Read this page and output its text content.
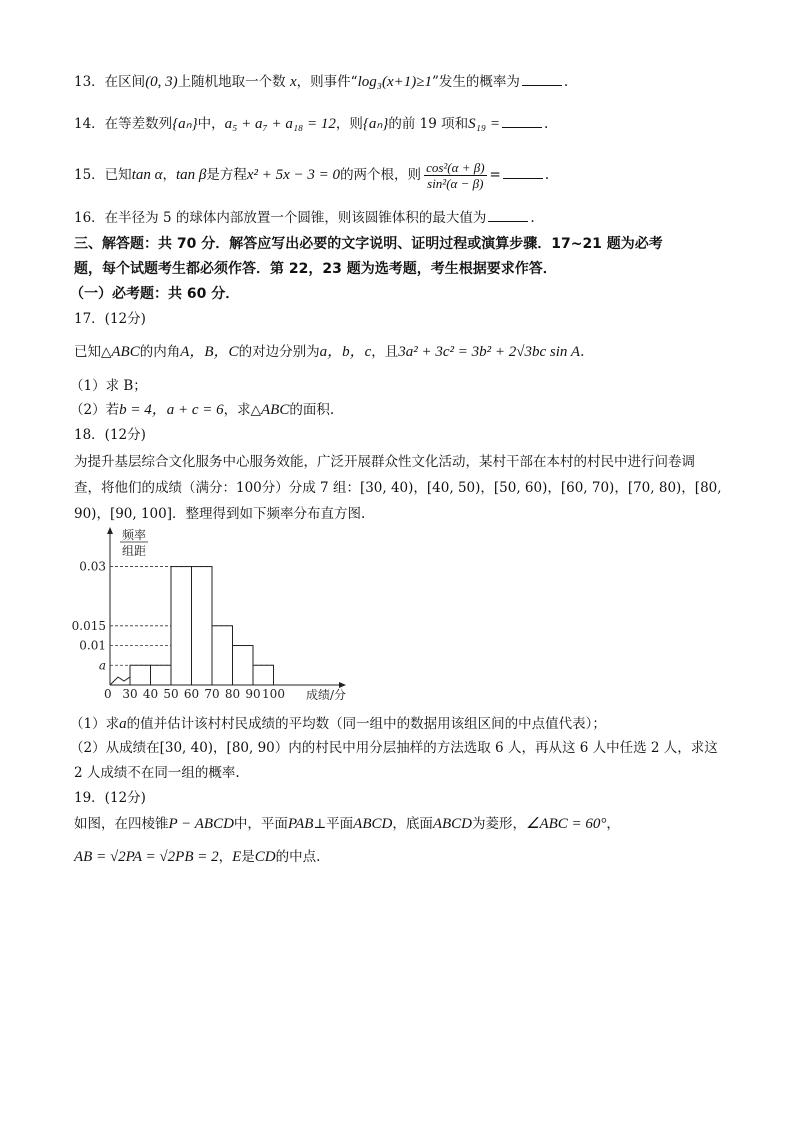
13．在区间(0, 3)上随机地取一个数 x，则事件“log₃(x+1)≥1”发生的概率为	.
14．在等差数列{aₙ}中，a₅ + a₇ + a₁₈ = 12，则{aₙ}的前 19 项和S₁₉ =	.
15．已知tan α，tan β是方程x² + 5x − 3 = 0的两个根，则 $\frac{\text{cos²(α + β)}}{\text{sin²(α − β)}}$ =	.
16．在半径为 5 的球体内部放置一个圆锥，则该圆锥体积的最大值为	.
三、解答题：共 70 分．解答应写出必要的文字说明、证明过程或演算步骤．17~21 题为必考
题，每个试题考生都必须作答．第 22，23 题为选考题，考生根据要求作答．
（一）必考题：共 60 分．
17．(12分)
已知△ABC的内角A，B，C的对边分别为a，b，c，且3a² + 3c² = 3b² + 2√3bc sin A.
（1）求 B；
（2）若b = 4，a + c = 6，求△ABC的面积.
18．(12分)
为提升基层综合文化服务中心服务效能，广泛开展群众性文化活动，某村干部在本村的村民中进行问卷调
查，将他们的成绩（满分：100分）分成 7 组：[30, 40)，[40, 50)，[50, 60)，[60, 70)，[70, 80)，[80,
90)，[90, 100]．整理得到如下频率分布直方图.
频率
组距
0	成绩/分
a
0.01
0.015
0.03
30 40 50 60 70 80 90 100
（1）求a的值并估计该村村民成绩的平均数（同一组中的数据用该组区间的中点值代表）；
（2）从成绩在[30, 40)，[80, 90）内的村民中用分层抽样的方法选取 6 人，再从这 6 人中任选 2 人，求这
2 人成绩不在同一组的概率.
19．(12分)
如图，在四棱锥P − ABCD中，平面PAB⊥平面ABCD，底面ABCD为菱形，∠ABC = 60°，
AB = √2PA = √2PB = 2，E是CD的中点.
